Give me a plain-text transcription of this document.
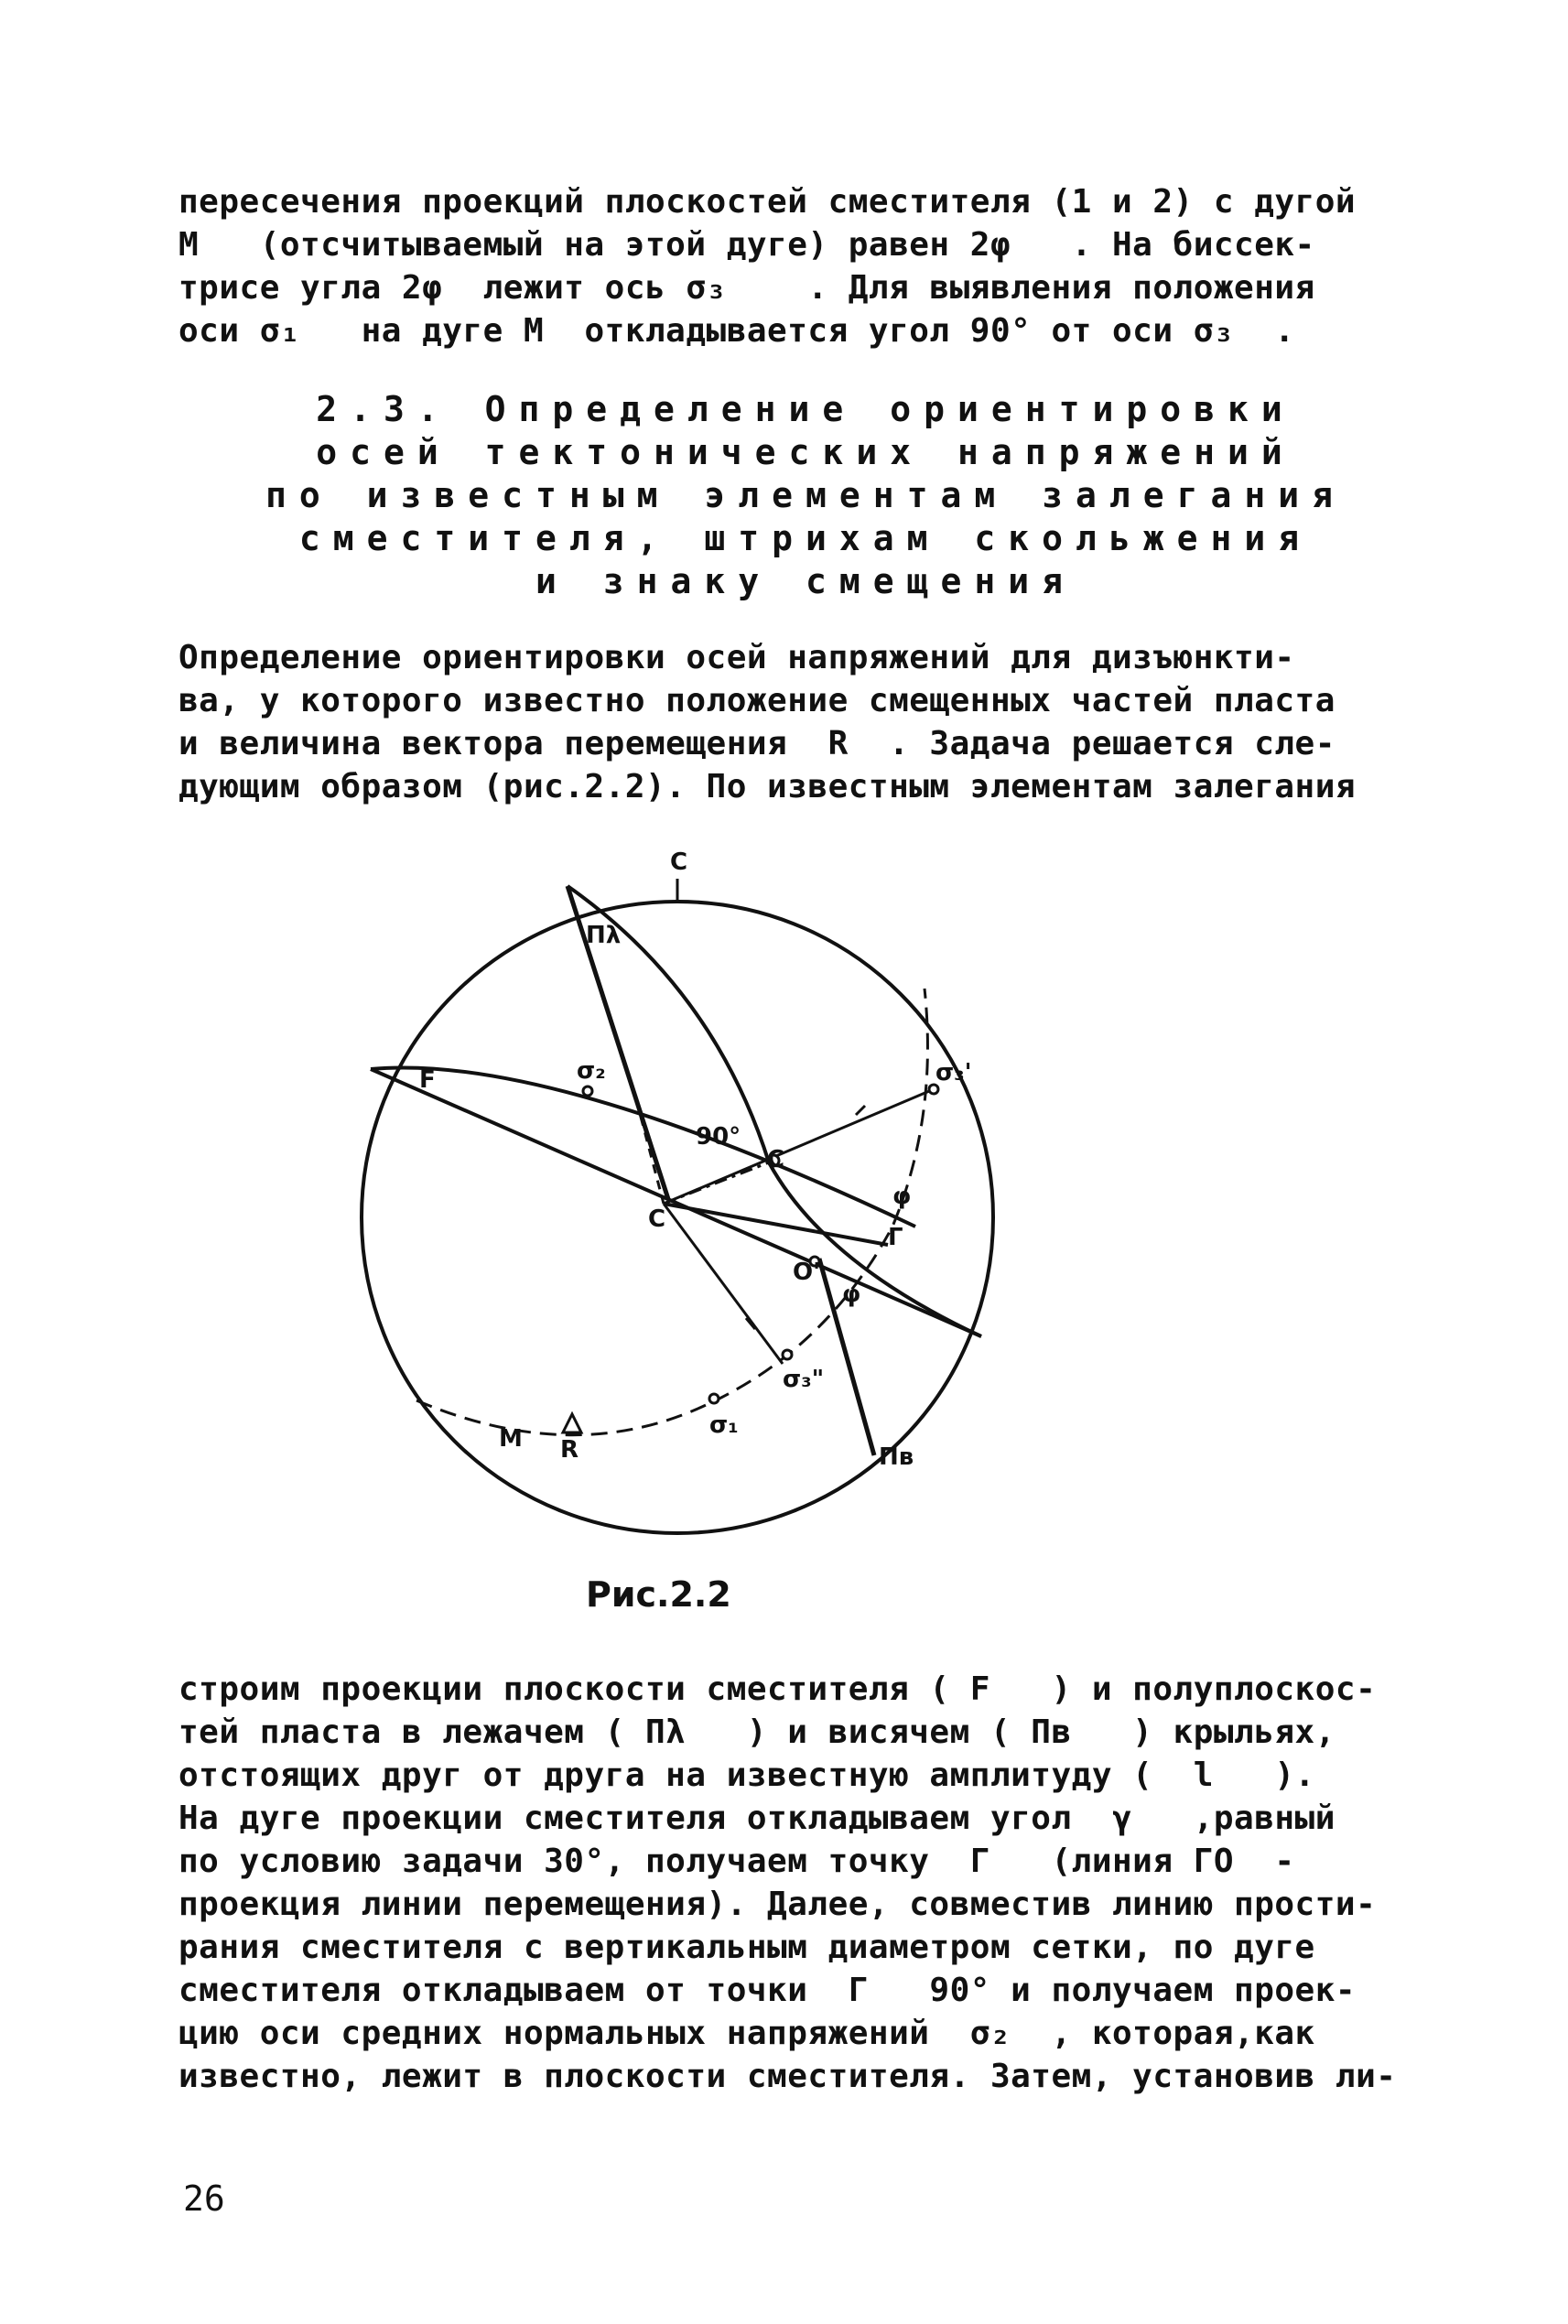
пересечения проекций плоскостей сместителя (1 и 2) с дугой
М   (отсчитываемый на этой дуге) равен 2φ   . На биссек-
трисе угла 2φ  лежит ось σ₃    . Для выявления положения
оси σ₁   на дуге М  откладывается угол 90° от оси σ₃  .
2.3. Определение ориентировки
осей тектонических напряжений
по известным элементам залегания
сместителя, штрихам скольжения
и знаку смещения
Определение ориентировки осей напряжений для дизъюнкти-
ва, у которого известно положение смещенных частей пласта
и величина вектора перемещения  R  . Задача решается сле-
дующим образом (рис.2.2). По известным элементам залегания
С
F
Πλ
Πв
М
σ₂	σ₃'
σ₃"
σ₁
С
O'
Г
90°
С
φ
φ
R
Рис.2.2
строим проекции плоскости сместителя ( F   ) и полуплоскос-
тей пласта в лежачем ( Πλ   ) и висячем ( Πв   ) крыльях,
отстоящих друг от друга на известную амплитуду (  l   ).
На дуге проекции сместителя откладываем угол  γ   ,равный
по условию задачи 30°, получаем точку  Г   (линия ГО  -
проекция линии перемещения). Далее, совместив линию прости-
рания сместителя с вертикальным диаметром сетки, по дуге
сместителя откладываем от точки  Г   90° и получаем проек-
цию оси средних нормальных напряжений  σ₂  , которая,как
известно, лежит в плоскости сместителя. Затем, установив ли-
26
